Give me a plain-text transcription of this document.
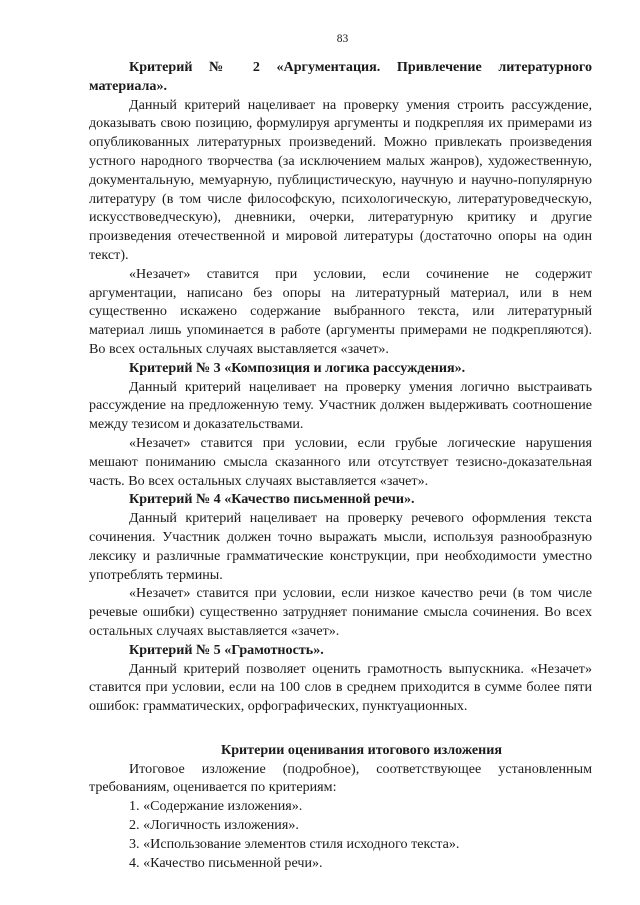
83

Критерий № 2 «Аргументация. Привлечение литературного материала».

Данный критерий нацеливает на проверку умения строить рассуждение, доказывать свою позицию, формулируя аргументы и подкрепляя их примерами из опубликованных литературных произведений. Можно привлекать произведения устного народного творчества (за исключением малых жанров), художественную, документальную, мемуарную, публицистическую, научную и научно-популярную литературу (в том числе философскую, психологическую, литературоведческую, искусствоведческую), дневники, очерки, литературную критику и другие произведения отечественной и мировой литературы (достаточно опоры на один текст).

«Незачет» ставится при условии, если сочинение не содержит аргументации, написано без опоры на литературный материал, или в нем существенно искажено содержание выбранного текста, или литературный материал лишь упоминается в работе (аргументы примерами не подкрепляются). Во всех остальных случаях выставляется «зачет».

Критерий № 3 «Композиция и логика рассуждения».

Данный критерий нацеливает на проверку умения логично выстраивать рассуждение на предложенную тему. Участник должен выдерживать соотношение между тезисом и доказательствами.

«Незачет» ставится при условии, если грубые логические нарушения мешают пониманию смысла сказанного или отсутствует тезисно-доказательная часть. Во всех остальных случаях выставляется «зачет».

Критерий № 4 «Качество письменной речи».

Данный критерий нацеливает на проверку речевого оформления текста сочинения. Участник должен точно выражать мысли, используя разнообразную лексику и различные грамматические конструкции, при необходимости уместно употреблять термины.

«Незачет» ставится при условии, если низкое качество речи (в том числе речевые ошибки) существенно затрудняет понимание смысла сочинения. Во всех остальных случаях выставляется «зачет».

Критерий № 5 «Грамотность».

Данный критерий позволяет оценить грамотность выпускника. «Незачет» ставится при условии, если на 100 слов в среднем приходится в сумме более пяти ошибок: грамматических, орфографических, пунктуационных.

Критерии оценивания итогового изложения

Итоговое изложение (подробное), соответствующее установленным требованиям, оценивается по критериям:

1. «Содержание изложения».

2. «Логичность изложения».

3. «Использование элементов стиля исходного текста».

4. «Качество письменной речи».
